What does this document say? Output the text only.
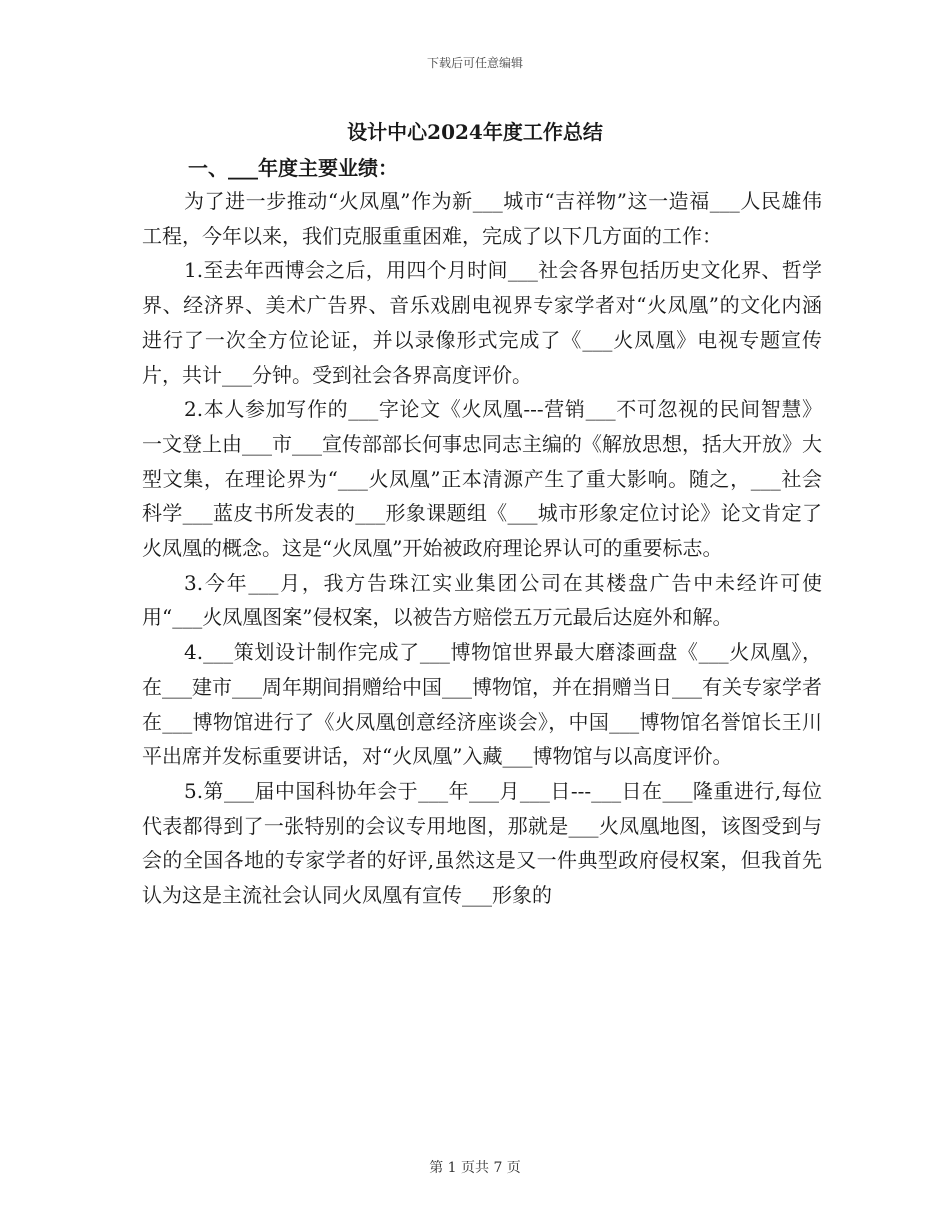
下载后可任意编辑
设计中心2024年度工作总结
一、___年度主要业绩：

为了进一步推动“火凤凰”作为新___城市“吉祥物”这一造福___人民雄伟工程，今年以来，我们克服重重困难，完成了以下几方面的工作：

1.至去年西博会之后，用四个月时间___社会各界包括历史文化界、哲学界、经济界、美术广告界、音乐戏剧电视界专家学者对“火凤凰”的文化内涵进行了一次全方位论证，并以录像形式完成了《___火凤凰》电视专题宣传片，共计___分钟。受到社会各界高度评价。

2.本人参加写作的___字论文《火凤凰---营销___不可忽视的民间智慧》一文登上由___市___宣传部部长何事忠同志主编的《解放思想，括大开放》大型文集，在理论界为“___火凤凰”正本清源产生了重大影响。随之，___社会科学___蓝皮书所发表的___形象课题组《___城市形象定位讨论》论文肯定了火凤凰的概念。这是“火凤凰”开始被政府理论界认可的重要标志。

3.今年___月，我方告珠江实业集团公司在其楼盘广告中未经许可使用“___火凤凰图案”侵权案，以被告方赔偿五万元最后达庭外和解。

4.___策划设计制作完成了___博物馆世界最大磨漆画盘《___火凤凰》，在___建市___周年期间捐赠给中国___博物馆，并在捐赠当日___有关专家学者在___博物馆进行了《火凤凰创意经济座谈会》，中国___博物馆名誉馆长王川平出席并发标重要讲话，对“火凤凰”入藏___博物馆与以高度评价。

5.第___届中国科协年会于___年___月___日---___日在___隆重进行,每位代表都得到了一张特别的会议专用地图，那就是___火凤凰地图，该图受到与会的全国各地的专家学者的好评,虽然这是又一件典型政府侵权案，但我首先认为这是主流社会认同火凤凰有宣传___形象的

第 1 页共 7 页
